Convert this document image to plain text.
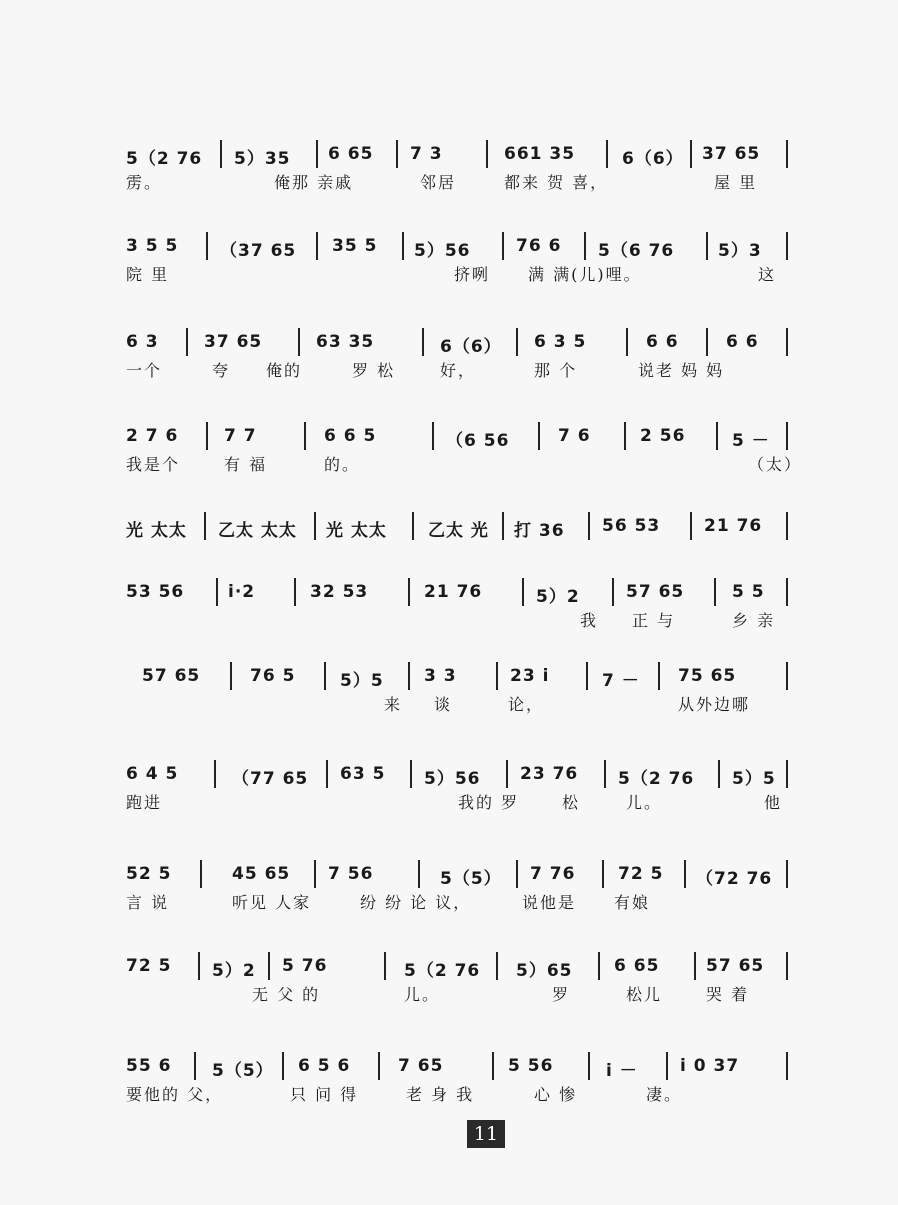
5（2 76 5）35 6 65 7 3	661 35	6（6） 37 65
雳。	俺那 亲戚	邻居	都来 贺 喜，	屋 里
3 5 5 （37 65 35 5 5）56	76 6 5（6 76	5）3
院 里	挤咧 满 满(儿)哩。	这
6 3	37 65	63 35	6（6） 6 3 5	6 6	6 6
一个	夸 俺的	罗 松	好，	那 个	说老 妈 妈
2 7 6	7 7	6 6 5	（6 56	7 6	2 56	5 －
我是个	有 福	的。	（太）
光 太太 乙太 太太 光 太太 乙太 光 打 36 56 53	21 76
53 56	i·2	32 53	21 76	5）2	57 65	5 5
我 正 与	乡 亲
57 65	76 5	5）5 3 3	23 i	7 － 75 65
来 谈	论，	从外边哪
6 4 5	（77 65 63 5 5）56 23 76 5（2 76 5）5
跑进	我的 罗	松	儿。	他
52 5	45 65 7 56	5（5） 7 76	72 5 （72 76
言 说	听见 人家	纷 纷 论 议，	说他是 有娘
72 5 5）2 5 76	5（2 76 5）65 6 65	57 65
无 父 的	儿。	罗	松儿	哭 着
55 6 5（5） 6 5 6	7 65	5 56	i － i 0 37
要他的 父，	只 问 得	老 身 我	心 惨	凄。
11
